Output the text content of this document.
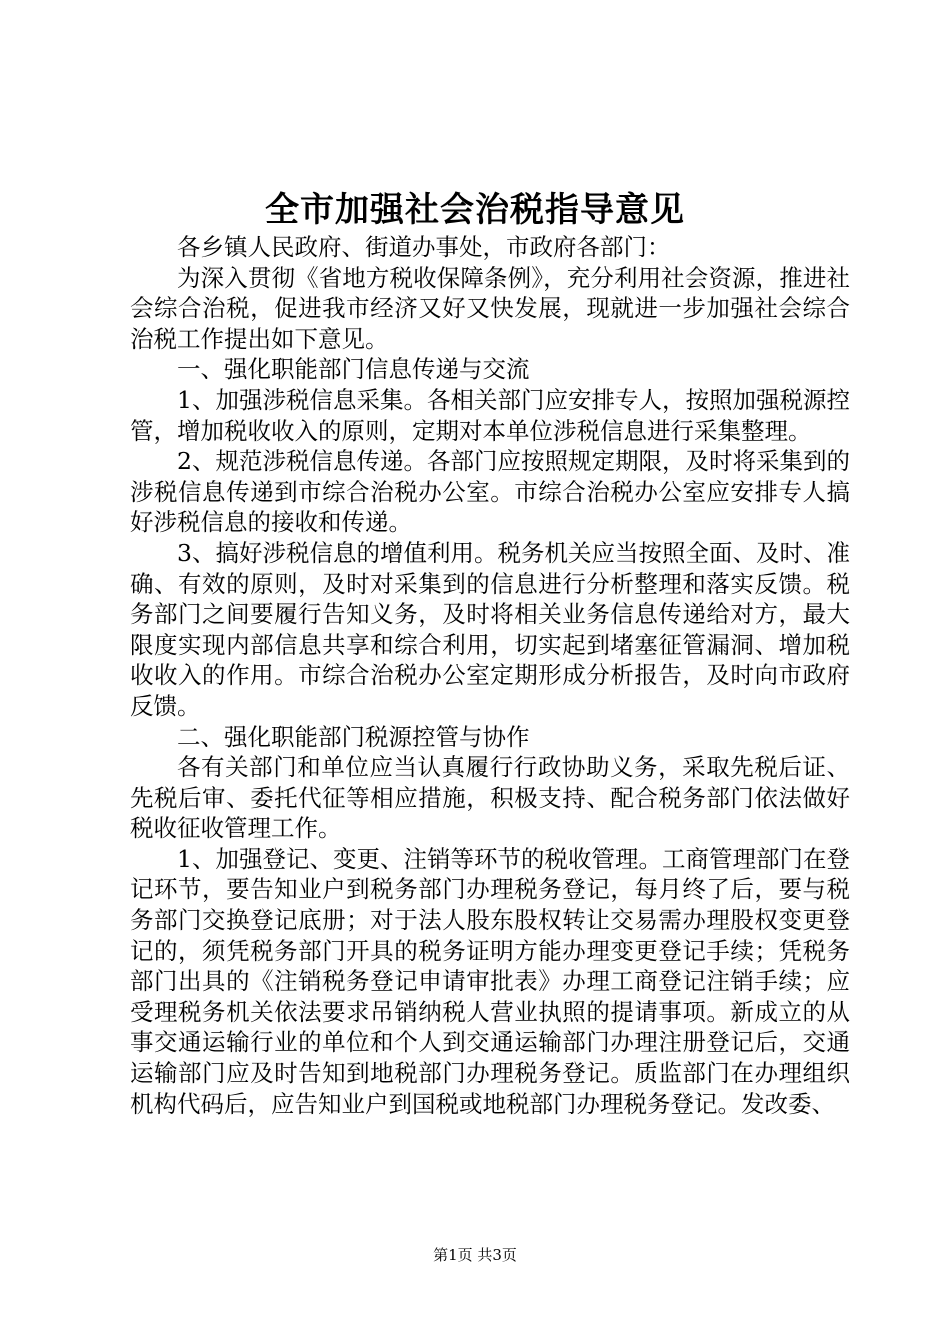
全市加强社会治税指导意见

各乡镇人民政府、街道办事处，市政府各部门：

为深入贯彻《省地方税收保障条例》，充分利用社会资源，推进社会综合治税，促进我市经济又好又快发展，现就进一步加强社会综合治税工作提出如下意见。

一、强化职能部门信息传递与交流

1、加强涉税信息采集。各相关部门应安排专人，按照加强税源控管，增加税收收入的原则，定期对本单位涉税信息进行采集整理。

2、规范涉税信息传递。各部门应按照规定期限，及时将采集到的涉税信息传递到市综合治税办公室。市综合治税办公室应安排专人搞好涉税信息的接收和传递。

3、搞好涉税信息的增值利用。税务机关应当按照全面、及时、准确、有效的原则，及时对采集到的信息进行分析整理和落实反馈。税务部门之间要履行告知义务，及时将相关业务信息传递给对方，最大限度实现内部信息共享和综合利用，切实起到堵塞征管漏洞、增加税收收入的作用。市综合治税办公室定期形成分析报告，及时向市政府反馈。

二、强化职能部门税源控管与协作

各有关部门和单位应当认真履行行政协助义务，采取先税后证、先税后审、委托代征等相应措施，积极支持、配合税务部门依法做好税收征收管理工作。

1、加强登记、变更、注销等环节的税收管理。工商管理部门在登记环节，要告知业户到税务部门办理税务登记，每月终了后，要与税务部门交换登记底册；对于法人股东股权转让交易需办理股权变更登记的，须凭税务部门开具的税务证明方能办理变更登记手续；凭税务部门出具的《注销税务登记申请审批表》办理工商登记注销手续；应受理税务机关依法要求吊销纳税人营业执照的提请事项。新成立的从事交通运输行业的单位和个人到交通运输部门办理注册登记后，交通运输部门应及时告知到地税部门办理税务登记。质监部门在办理组织机构代码后，应告知业户到国税或地税部门办理税务登记。发改委、

第1页 共3页
